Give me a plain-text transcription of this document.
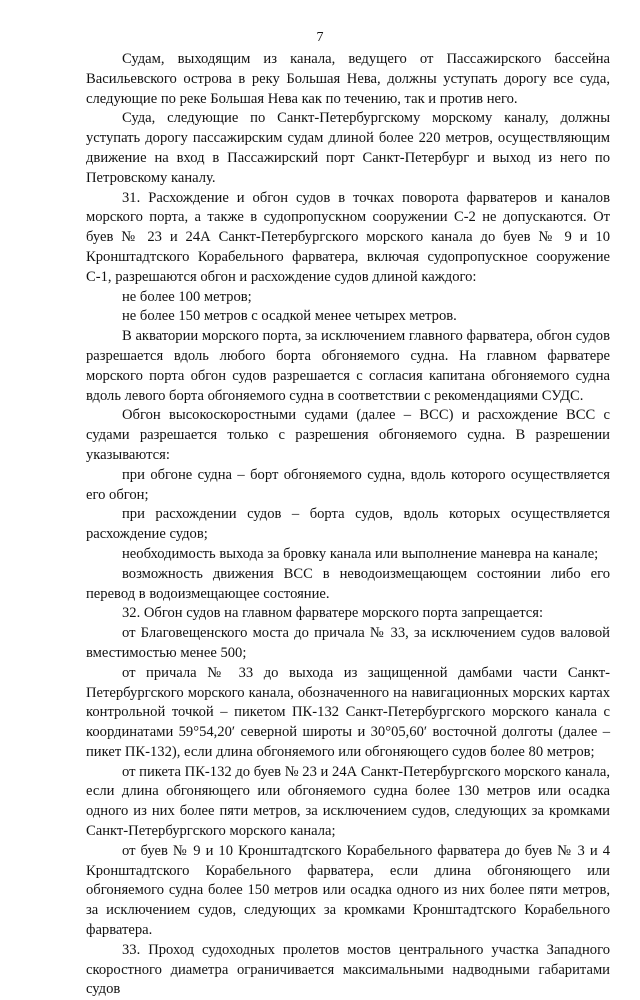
7

Судам, выходящим из канала, ведущего от Пассажирского бассейна Васильевского острова в реку Большая Нева, должны уступать дорогу все суда, следующие по реке Большая Нева как по течению, так и против него.

Суда, следующие по Санкт-Петербургскому морскому каналу, должны уступать дорогу пассажирским судам длиной более 220 метров, осуществляющим движение на вход в Пассажирский порт Санкт-Петербург и выход из него по Петровскому каналу.

31. Расхождение и обгон судов в точках поворота фарватеров и каналов морского порта, а также в судопропускном сооружении С-2 не допускаются. От буев № 23 и 24А Санкт-Петербургского морского канала до буев № 9 и 10 Кронштадтского Корабельного фарватера, включая судопропускное сооружение С-1, разрешаются обгон и расхождение судов длиной каждого:

не более 100 метров;

не более 150 метров с осадкой менее четырех метров.

В акватории морского порта, за исключением главного фарватера, обгон судов разрешается вдоль любого борта обгоняемого судна. На главном фарватере морского порта обгон судов разрешается с согласия капитана обгоняемого судна вдоль левого борта обгоняемого судна в соответствии с рекомендациями СУДС.

Обгон высокоскоростными судами (далее – ВСС) и расхождение ВСС с судами разрешается только с разрешения обгоняемого судна. В разрешении указываются:

при обгоне судна – борт обгоняемого судна, вдоль которого осуществляется его обгон;

при расхождении судов – борта судов, вдоль которых осуществляется расхождение судов;

необходимость выхода за бровку канала или выполнение маневра на канале;

возможность движения ВСС в неводоизмещающем состоянии либо его перевод в водоизмещающее состояние.

32. Обгон судов на главном фарватере морского порта запрещается:

от Благовещенского моста до причала № 33, за исключением судов валовой вместимостью менее 500;

от причала № 33 до выхода из защищенной дамбами части Санкт-Петербургского морского канала, обозначенного на навигационных морских картах контрольной точкой – пикетом ПК-132 Санкт-Петербургского морского канала с координатами 59°54,20′ северной широты и 30°05,60′ восточной долготы (далее – пикет ПК-132), если длина обгоняемого или обгоняющего судов более 80 метров;

от пикета ПК-132 до буев № 23 и 24А Санкт-Петербургского морского канала, если длина обгоняющего или обгоняемого судна более 130 метров или осадка одного из них более пяти метров, за исключением судов, следующих за кромками Санкт-Петербургского морского канала;

от буев № 9 и 10 Кронштадтского Корабельного фарватера до буев № 3 и 4 Кронштадтского Корабельного фарватера, если длина обгоняющего или обгоняемого судна более 150 метров или осадка одного из них более пяти метров, за исключением судов, следующих за кромками Кронштадтского Корабельного фарватера.

33. Проход судоходных пролетов мостов центрального участка Западного скоростного диаметра ограничивается максимальными надводными габаритами судов
